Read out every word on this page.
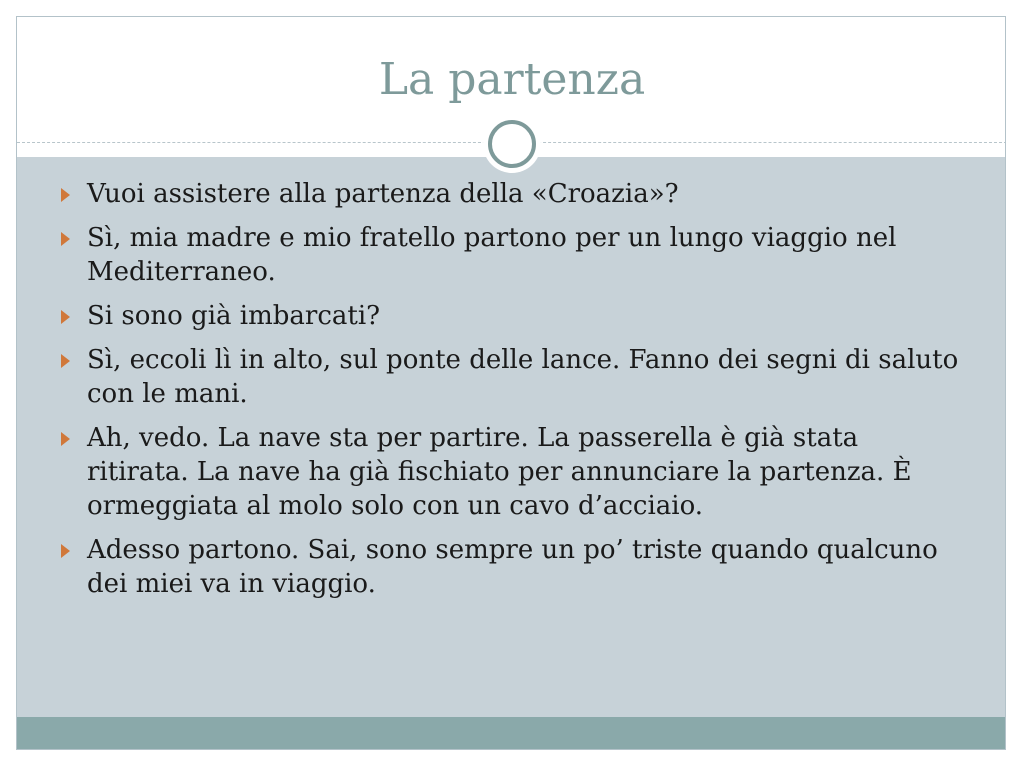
La partenza
Vuoi assistere alla partenza della «Croazia»?
Sì, mia madre e mio fratello partono per un lungo viaggio nel Mediterraneo.
Si sono già imbarcati?
Sì, eccoli lì in alto, sul ponte delle lance. Fanno dei segni di saluto con le mani.
Ah, vedo. La nave sta per partire. La passerella è già stata ritirata. La nave ha già fischiato per annunciare la partenza. È ormeggiata al molo solo con un cavo d’acciaio.
Adesso partono. Sai, sono sempre un po’ triste quando qualcuno dei miei va in viaggio.
